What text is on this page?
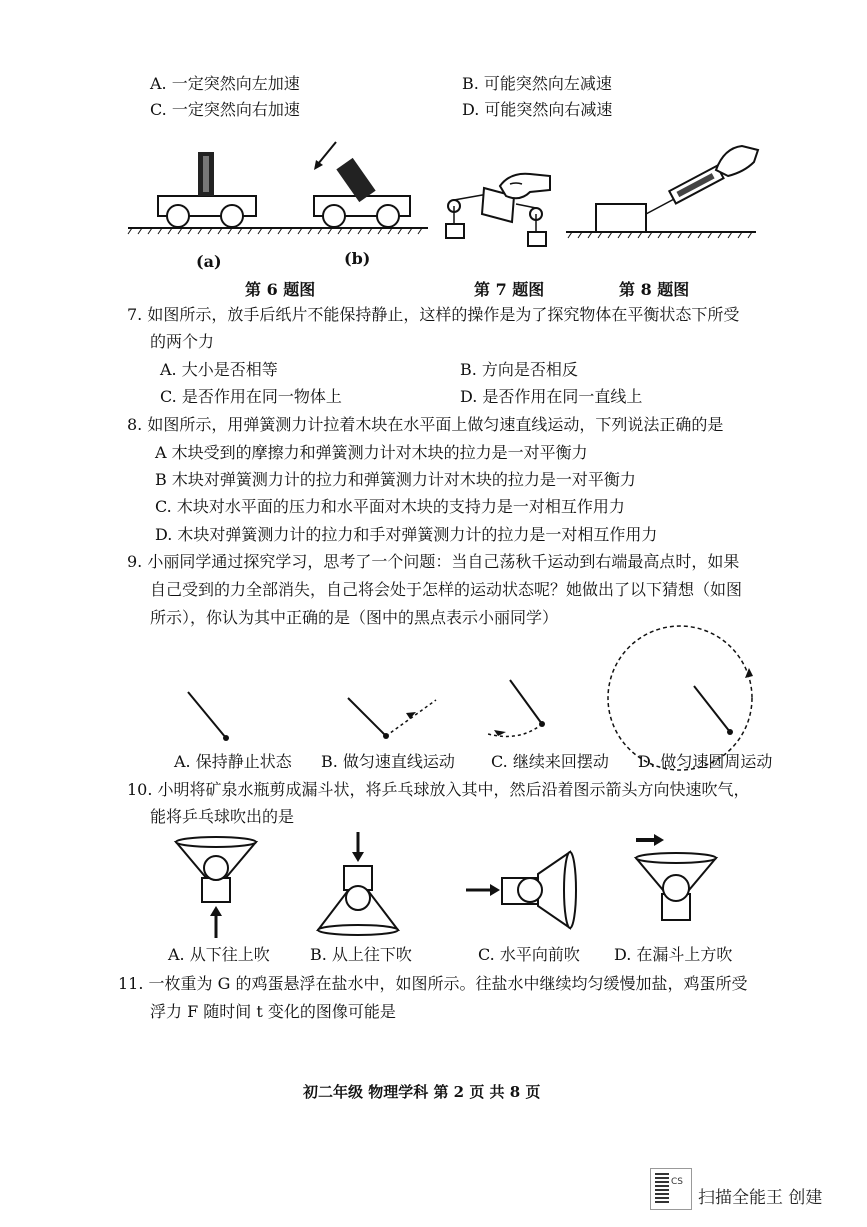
A. 一定突然向左加速	B. 可能突然向左减速
C. 一定突然向右加速	D. 可能突然向右减速
(a)	(b)
第 6 题图	第 7 题图	第 8 题图
7. 如图所示，放手后纸片不能保持静止，这样的操作是为了探究物体在平衡状态下所受
的两个力
A. 大小是否相等	B. 方向是否相反
C. 是否作用在同一物体上	D. 是否作用在同一直线上
8. 如图所示，用弹簧测力计拉着木块在水平面上做匀速直线运动，下列说法正确的是
A 木块受到的摩擦力和弹簧测力计对木块的拉力是一对平衡力
B 木块对弹簧测力计的拉力和弹簧测力计对木块的拉力是一对平衡力
C. 木块对水平面的压力和水平面对木块的支持力是一对相互作用力
D. 木块对弹簧测力计的拉力和手对弹簧测力计的拉力是一对相互作用力
9. 小丽同学通过探究学习，思考了一个问题：当自己荡秋千运动到右端最高点时，如果
自己受到的力全部消失，自己将会处于怎样的运动状态呢？她做出了以下猜想（如图
所示），你认为其中正确的是（图中的黑点表示小丽同学）
A. 保持静止状态 B. 做匀速直线运动 C. 继续来回摆动 D. 做匀速圆周运动
10. 小明将矿泉水瓶剪成漏斗状，将乒乓球放入其中，然后沿着图示箭头方向快速吹气，
能将乒乓球吹出的是
A. 从下往上吹	B. 从上往下吹	C. 水平向前吹 D. 在漏斗上方吹
11. 一枚重为 G 的鸡蛋悬浮在盐水中，如图所示。往盐水中继续均匀缓慢加盐，鸡蛋所受
浮力 F 随时间 t 变化的图像可能是
初二年级 物理学科 第 2 页 共 8 页
CS
扫描全能王 创建
